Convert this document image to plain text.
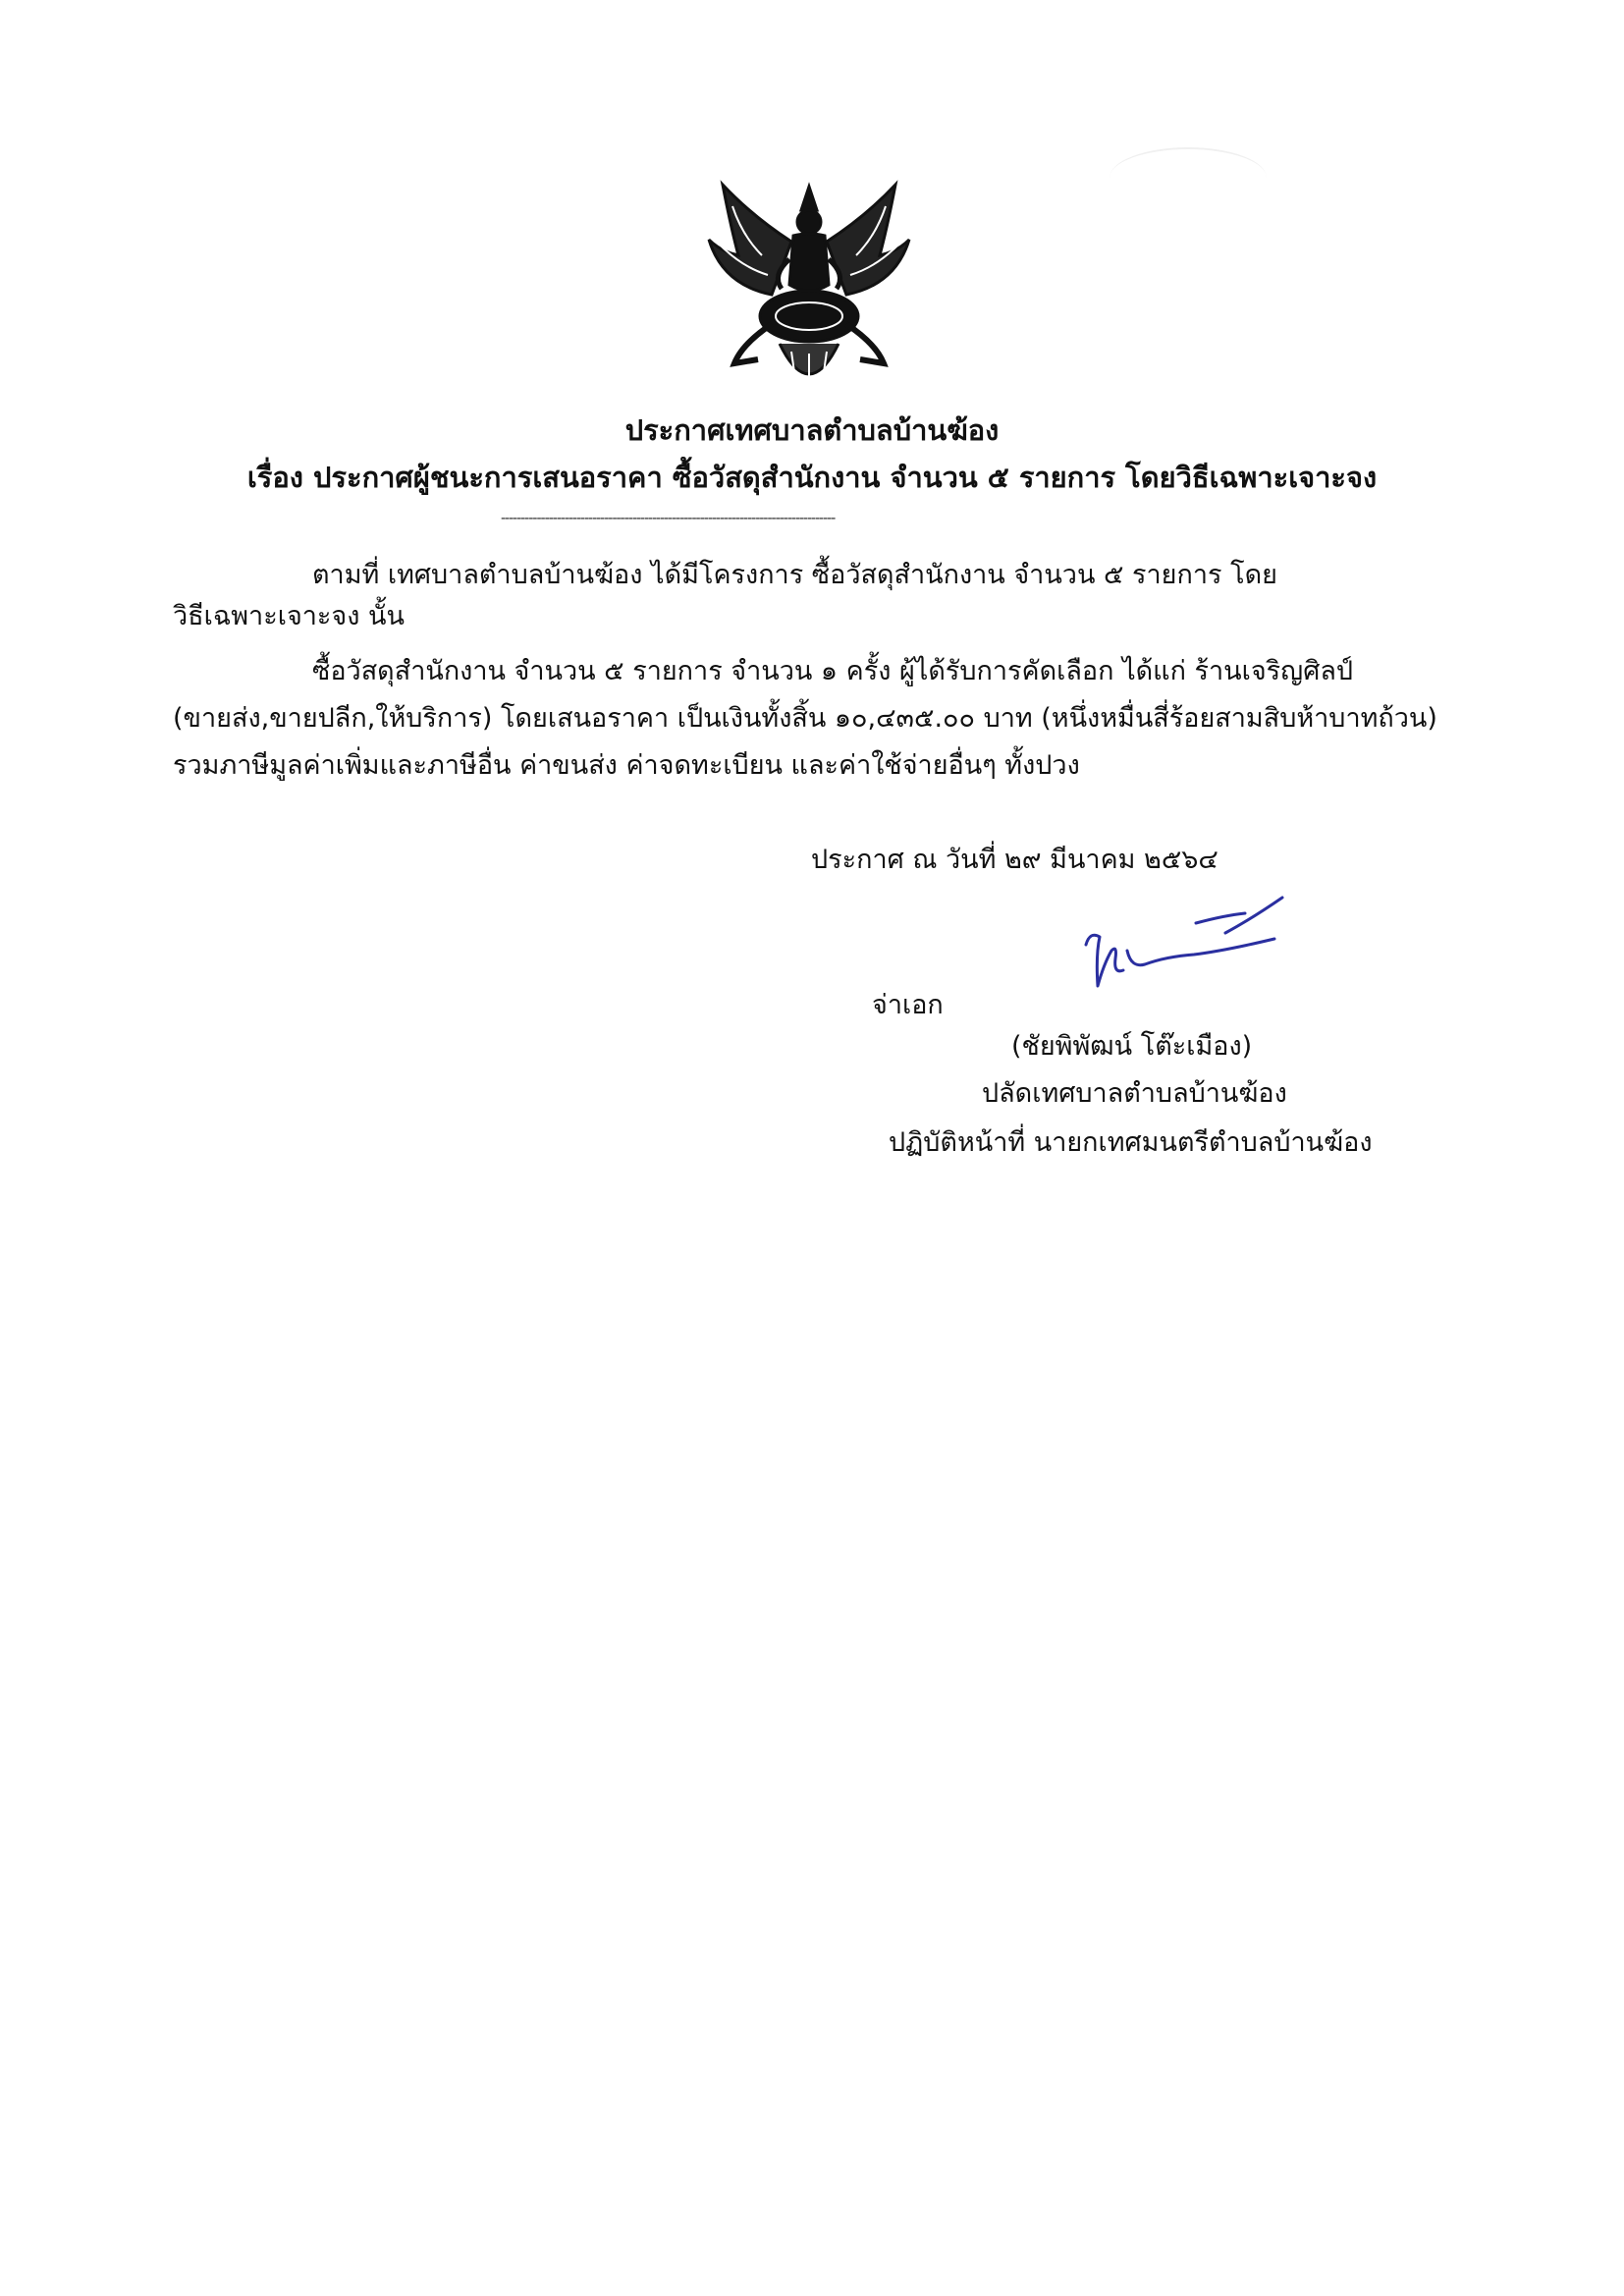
ประกาศเทศบาลตำบลบ้านฆ้อง
เรื่อง ประกาศผู้ชนะการเสนอราคา ซื้อวัสดุสำนักงาน จำนวน ๕ รายการ โดยวิธีเฉพาะเจาะจง
------------------------------------------------------------------------------------
ตามที่ เทศบาลตำบลบ้านฆ้อง ได้มีโครงการ ซื้อวัสดุสำนักงาน จำนวน ๕ รายการ โดย
วิธีเฉพาะเจาะจง นั้น
ซื้อวัสดุสำนักงาน จำนวน ๕ รายการ จำนวน ๑ ครั้ง ผู้ได้รับการคัดเลือก ได้แก่ ร้านเจริญศิลป์
(ขายส่ง,ขายปลีก,ให้บริการ) โดยเสนอราคา เป็นเงินทั้งสิ้น ๑๐,๔๓๕.๐๐ บาท (หนึ่งหมื่นสี่ร้อยสามสิบห้าบาทถ้วน)
รวมภาษีมูลค่าเพิ่มและภาษีอื่น ค่าขนส่ง ค่าจดทะเบียน และค่าใช้จ่ายอื่นๆ ทั้งปวง
ประกาศ ณ วันที่ ๒๙ มีนาคม ๒๕๖๔
จ่าเอก
(ชัยพิพัฒน์ โต๊ะเมือง)
ปลัดเทศบาลตำบลบ้านฆ้อง
ปฏิบัติหน้าที่ นายกเทศมนตรีตำบลบ้านฆ้อง
